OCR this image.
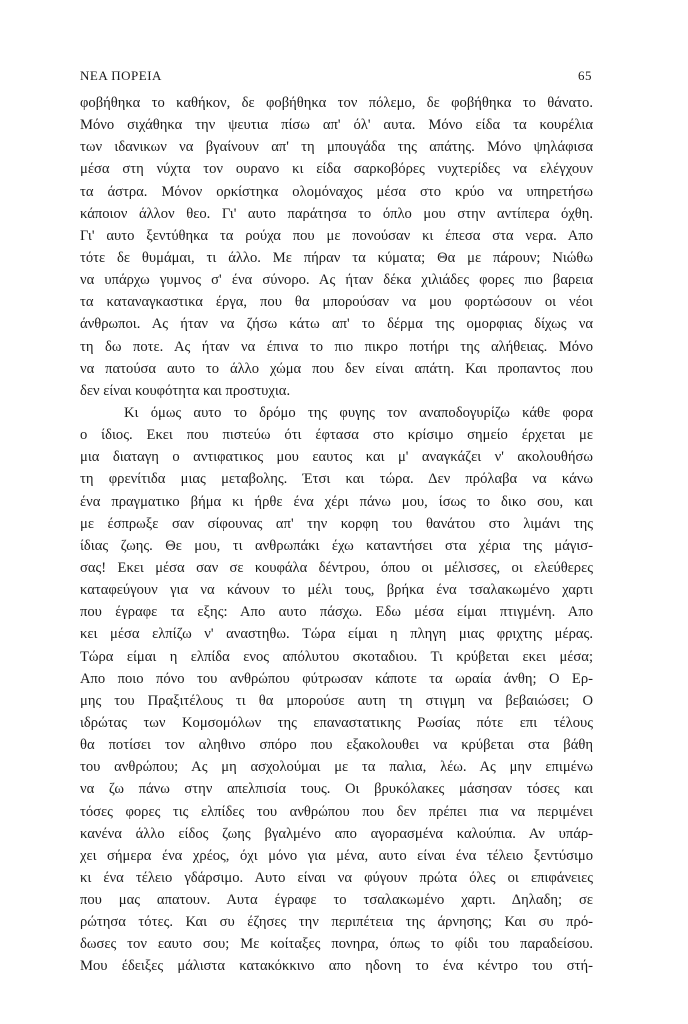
ΝΕΑ ΠΟΡΕΙΑ	65
φοβήθηκα το καθήκον, δε φοβήθηκα τον πόλεμο, δε φοβήθηκα το θάνατο.
Μόνο σιχάθηκα την ψευτια πίσω απ' όλ' αυτα. Μόνο είδα τα κουρέλια
των ιδανικων να βγαίνουν απ' τη μπουγάδα της απάτης. Μόνο ψηλάφισα
μέσα στη νύχτα τον ουρανο κι είδα σαρκοβόρες νυχτερίδες να ελέγχουν
τα άστρα. Μόνον ορκίστηκα ολομόναχος μέσα στο κρύο να υπηρετήσω
κάποιον άλλον θεο. Γι' αυτο παράτησα το όπλο μου στην αντίπερα όχθη.
Γι' αυτο ξεντύθηκα τα ρούχα που με πονούσαν κι έπεσα στα νερα. Απο
τότε δε θυμάμαι, τι άλλο. Με πήραν τα κύματα; Θα με πάρουν; Νιώθω
να υπάρχω γυμνος σ' ένα σύνορο. Ας ήταν δέκα χιλιάδες φορες πιο βαρεια
τα καταναγκαστικα έργα, που θα μπορούσαν να μου φορτώσουν οι νέοι
άνθρωποι. Ας ήταν να ζήσω κάτω απ' το δέρμα της ομορφιας δίχως να
τη δω ποτε. Ας ήταν να έπινα το πιο πικρο ποτήρι της αλήθειας. Μόνο
να πατούσα αυτο το άλλο χώμα που δεν είναι απάτη. Και προπαντος που
δεν είναι κουφότητα και προστυχια.
Κι όμως αυτο το δρόμο της φυγης τον αναποδογυρίζω κάθε φορα
ο ίδιος. Εκει που πιστεύω ότι έφτασα στο κρίσιμο σημείο έρχεται με
μια διαταγη ο αντιφατικος μου εαυτος και μ' αναγκάζει ν' ακολουθήσω
τη φρενίτιδα μιας μεταβολης. Έτσι και τώρα. Δεν πρόλαβα να κάνω
ένα πραγματικο βήμα κι ήρθε ένα χέρι πάνω μου, ίσως το δικο σου, και
με έσπρωξε σαν σίφουνας απ' την κορφη του θανάτου στο λιμάνι της
ίδιας ζωης. Θε μου, τι ανθρωπάκι έχω καταντήσει στα χέρια της μάγισ-
σας! Εκει μέσα σαν σε κουφάλα δέντρου, όπου οι μέλισσες, οι ελεύθερες
καταφεύγουν για να κάνουν το μέλι τους, βρήκα ένα τσαλακωμένο χαρτι
που έγραφε τα εξης: Απο αυτο πάσχω. Εδω μέσα είμαι πτιγμένη. Απο
κει μέσα ελπίζω ν' αναστηθω. Τώρα είμαι η πληγη μιας φριχτης μέρας.
Τώρα είμαι η ελπίδα ενος απόλυτου σκοταδιου. Τι κρύβεται εκει μέσα;
Απο ποιο πόνο του ανθρώπου φύτρωσαν κάποτε τα ωραία άνθη; Ο Ερ-
μης του Πραξιτέλους τι θα μπορούσε αυτη τη στιγμη να βεβαιώσει; Ο
ιδρώτας των Κομσομόλων της επαναστατικης Ρωσίας πότε επι τέλους
θα ποτίσει τον αληθινο σπόρο που εξακολουθει να κρύβεται στα βάθη
του ανθρώπου; Ας μη ασχολούμαι με τα παλια, λέω. Ας μην επιμένω
να ζω πάνω στην απελπισία τους. Οι βρυκόλακες μάσησαν τόσες και
τόσες φορες τις ελπίδες του ανθρώπου που δεν πρέπει πια να περιμένει
κανένα άλλο είδος ζωης βγαλμένο απο αγορασμένα καλούπια. Αν υπάρ-
χει σήμερα ένα χρέος, όχι μόνο για μένα, αυτο είναι ένα τέλειο ξεντύσιμο
κι ένα τέλειο γδάρσιμο. Αυτο είναι να φύγουν πρώτα όλες οι επιφάνειες
που μας απατουν. Αυτα έγραφε το τσαλακωμένο χαρτι. Δηλαδη; σε
ρώτησα τότες. Και συ έζησες την περιπέτεια της άρνησης; Και συ πρό-
δωσες τον εαυτο σου; Με κοίταξες πονηρα, όπως το φίδι του παραδείσου.
Μου έδειξες μάλιστα κατακόκκινο απο ηδονη το ένα κέντρο του στή-
